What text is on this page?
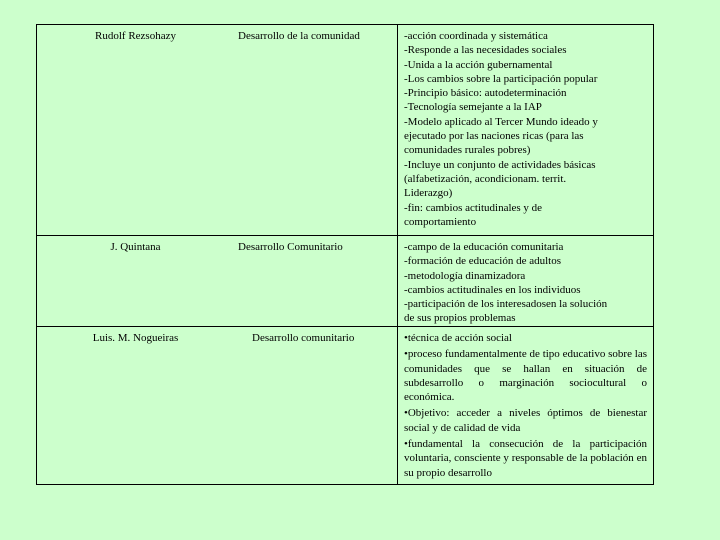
Rudolf Rezsohazy	Desarrollo de la comunidad	-acción coordinada y sistemática
-Responde a las necesidades sociales
-Unida a la acción gubernamental
-Los cambios sobre la participación popular
-Principio básico: autodeterminación
-Tecnología semejante a la IAP
-Modelo aplicado al Tercer Mundo ideado y
ejecutado por las naciones ricas (para las
comunidades rurales pobres)
-Incluye un conjunto de actividades básicas
(alfabetización, acondicionam. territ.
Liderazgo)
-fin: cambios actitudinales y de
comportamiento
J. Quintana	Desarrollo Comunitario	-campo de la educación comunitaria
-formación de educación de adultos
-metodología dinamizadora
-cambios actitudinales en los individuos
-participación de los interesadosen la solución
de sus propios problemas
Luis. M. Nogueiras	Desarrollo comunitario	•técnica de acción social
•proceso fundamentalmente de tipo educativo sobre las comunidades que se hallan en situación de subdesarrollo o marginación sociocultural o económica.
•Objetivo: acceder a niveles óptimos de bienestar social y de calidad de vida
•fundamental la consecución de la participación voluntaria, consciente y responsable de la población en su propio desarrollo
